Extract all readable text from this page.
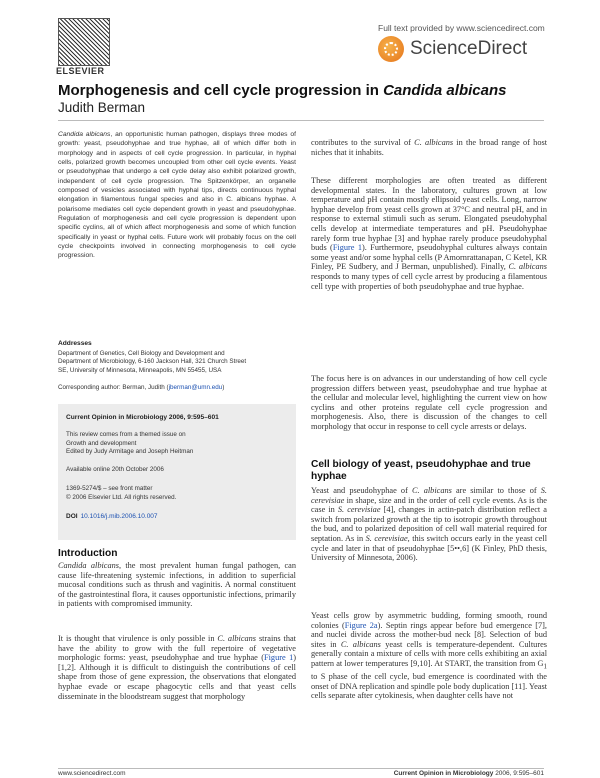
ELSEVIER
Full text provided by www.sciencedirect.com
ScienceDirect
Morphogenesis and cell cycle progression in Candida albicans
Judith Berman
Candida albicans, an opportunistic human pathogen, displays three modes of growth: yeast, pseudohyphae and true hyphae, all of which differ both in morphology and in aspects of cell cycle progression. In particular, in hyphal cells, polarized growth becomes uncoupled from other cell cycle events. Yeast or pseudohyphae that undergo a cell cycle delay also exhibit polarized growth, independent of cell cycle progression. The Spitzenkörper, an organelle composed of vesicles associated with hyphal tips, directs continuous hyphal elongation in filamentous fungal species and also in C. albicans hyphae. A polarisome mediates cell cycle dependent growth in yeast and pseudohyphae. Regulation of morphogenesis and cell cycle progression is dependent upon specific cyclins, all of which affect morphogenesis and some of which function specifically in yeast or hyphal cells. Future work will probably focus on the cell cycle checkpoints involved in connecting morphogenesis to cell cycle progression.
Addresses
Department of Genetics, Cell Biology and Development and
Department of Microbiology, 6-160 Jackson Hall, 321 Church Street
SE, University of Minnesota, Minneapolis, MN 55455, USA
Corresponding author: Berman, Judith (jberman@umn.edu)
Current Opinion in Microbiology 2006, 9:595–601
This review comes from a themed issue on
Growth and development
Edited by Judy Armitage and Joseph Heitman
Available online 20th October 2006
1369-5274/$ – see front matter
© 2006 Elsevier Ltd. All rights reserved.
DOI 10.1016/j.mib.2006.10.007
Introduction

Candida albicans, the most prevalent human fungal pathogen, can cause life-threatening systemic infections, in addition to superficial mucosal conditions such as thrush and vaginitis. A normal constituent of the gastrointestinal flora, it causes opportunistic infections, primarily in patients with compromised immunity.

It is thought that virulence is only possible in C. albicans strains that have the ability to grow with the full repertoire of vegetative morphologic forms: yeast, pseudohyphae and true hyphae (Figure 1) [1,2]. Although it is difficult to distinguish the contributions of cell shape from those of gene expression, the observations that elongated hyphae evade or escape phagocytic cells and that yeast cells disseminate in the bloodstream suggest that morphology

contributes to the survival of C. albicans in the broad range of host niches that it inhabits.

These different morphologies are often treated as different developmental states. In the laboratory, cultures grown at low temperature and pH contain mostly ellipsoid yeast cells. Long, narrow hyphae develop from yeast cells grown at 37°C and neutral pH, and in response to external stimuli such as serum. Elongated pseudohyphal cells develop at intermediate temperatures and pH. Pseudohyphae rarely form true hyphae [3] and hyphae rarely produce pseudohyphal buds (Figure 1). Furthermore, pseudohyphal cultures always contain some yeast and/or some hyphal cells (P Amornrattanapan, C Ketel, KR Finley, PE Sudbery, and J Berman, unpublished). Finally, C. albicans responds to many types of cell cycle arrest by producing a filamentous cell type with properties of both pseudohyphae and true hyphae.

The focus here is on advances in our understanding of how cell cycle progression differs between yeast, pseudohyphae and true hyphae at the cellular and molecular level, highlighting the current view on how cyclins and other proteins regulate cell cycle progression and morphogenesis. Also, there is discussion of the changes to cell morphology that occur in response to cell cycle arrests or delays.

Cell biology of yeast, pseudohyphae and true hyphae

Yeast and pseudohyphae of C. albicans are similar to those of S. cerevisiae in shape, size and in the order of cell cycle events. As is the case in S. cerevisiae [4], changes in actin-patch distribution reflect a switch from polarized growth at the tip to isotropic growth throughout the bud, and to polarized deposition of cell wall material required for septation. As in S. cerevisiae, this switch occurs early in the yeast cell cycle and later in that of pseudohyphae [5••,6] (K Finley, PhD thesis, University of Minnesota, 2006).

Yeast cells grow by asymmetric budding, forming smooth, round colonies (Figure 2a). Septin rings appear before bud emergence [7], and nuclei divide across the mother-bud neck [8]. Selection of bud sites in C. albicans yeast cells is temperature-dependent. Cultures generally contain a mixture of cells with more cells exhibiting an axial pattern at lower temperatures [9,10]. At START, the transition from $G_1$ to S phase of the cell cycle, bud emergence is coordinated with the onset of DNA replication and spindle pole body duplication [11]. Yeast cells separate after cytokinesis, when daughter cells have not

www.sciencedirect.com	Current Opinion in Microbiology 2006, 9:595–601
